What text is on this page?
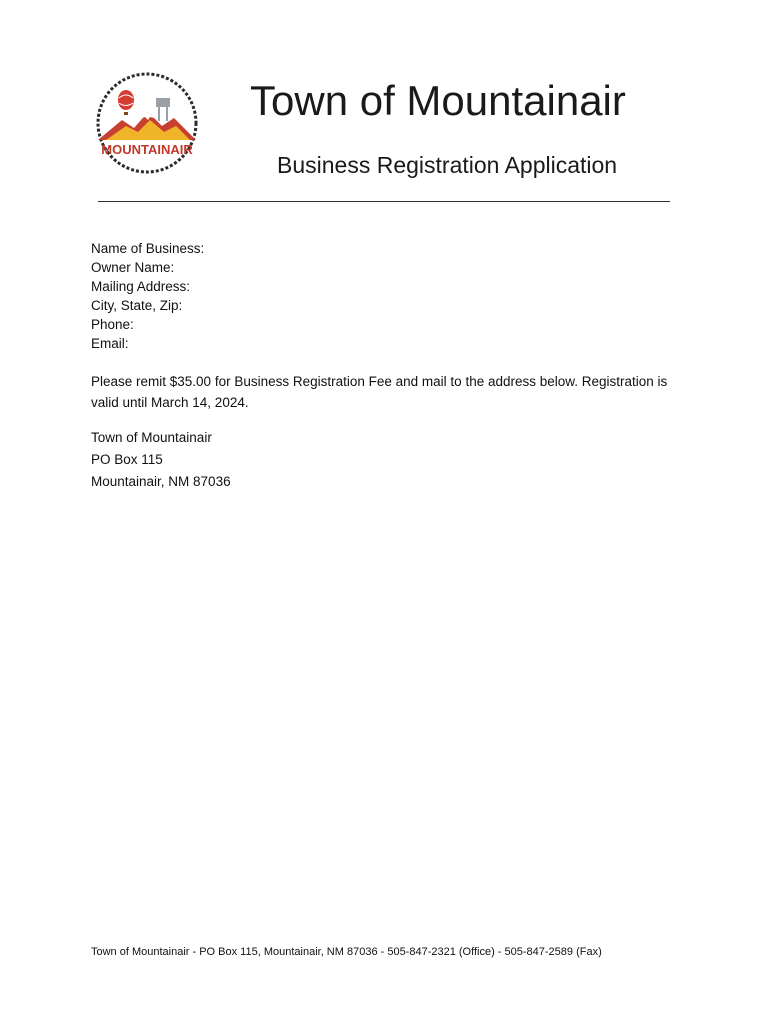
MOUNTAINAIR
Town of Mountainair
Business Registration Application
Name of Business:
Owner Name:
Mailing Address:
City, State, Zip:
Phone:
Email:
Please remit $35.00 for Business Registration Fee and mail to the address below. Registration is valid until March 14, 2024.
Town of Mountainair
PO Box 115
Mountainair, NM 87036
Town of Mountainair - PO Box 115, Mountainair, NM 87036 - 505-847-2321 (Office) - 505-847-2589 (Fax)
